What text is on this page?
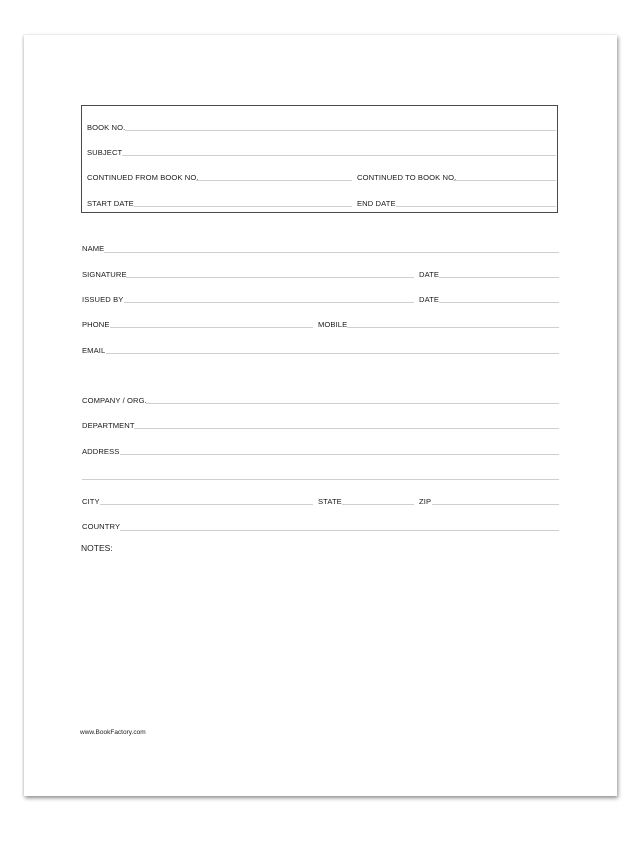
BOOK NO.
SUBJECT
CONTINUED FROM BOOK NO.	CONTINUED TO BOOK NO.
START DATE	END DATE
NAME
SIGNATURE	DATE
ISSUED BY	DATE
PHONE	MOBILE
EMAIL
COMPANY / ORG.
DEPARTMENT
ADDRESS
CITY	STATE	ZIP
COUNTRY
NOTES:
www.BookFactory.com
